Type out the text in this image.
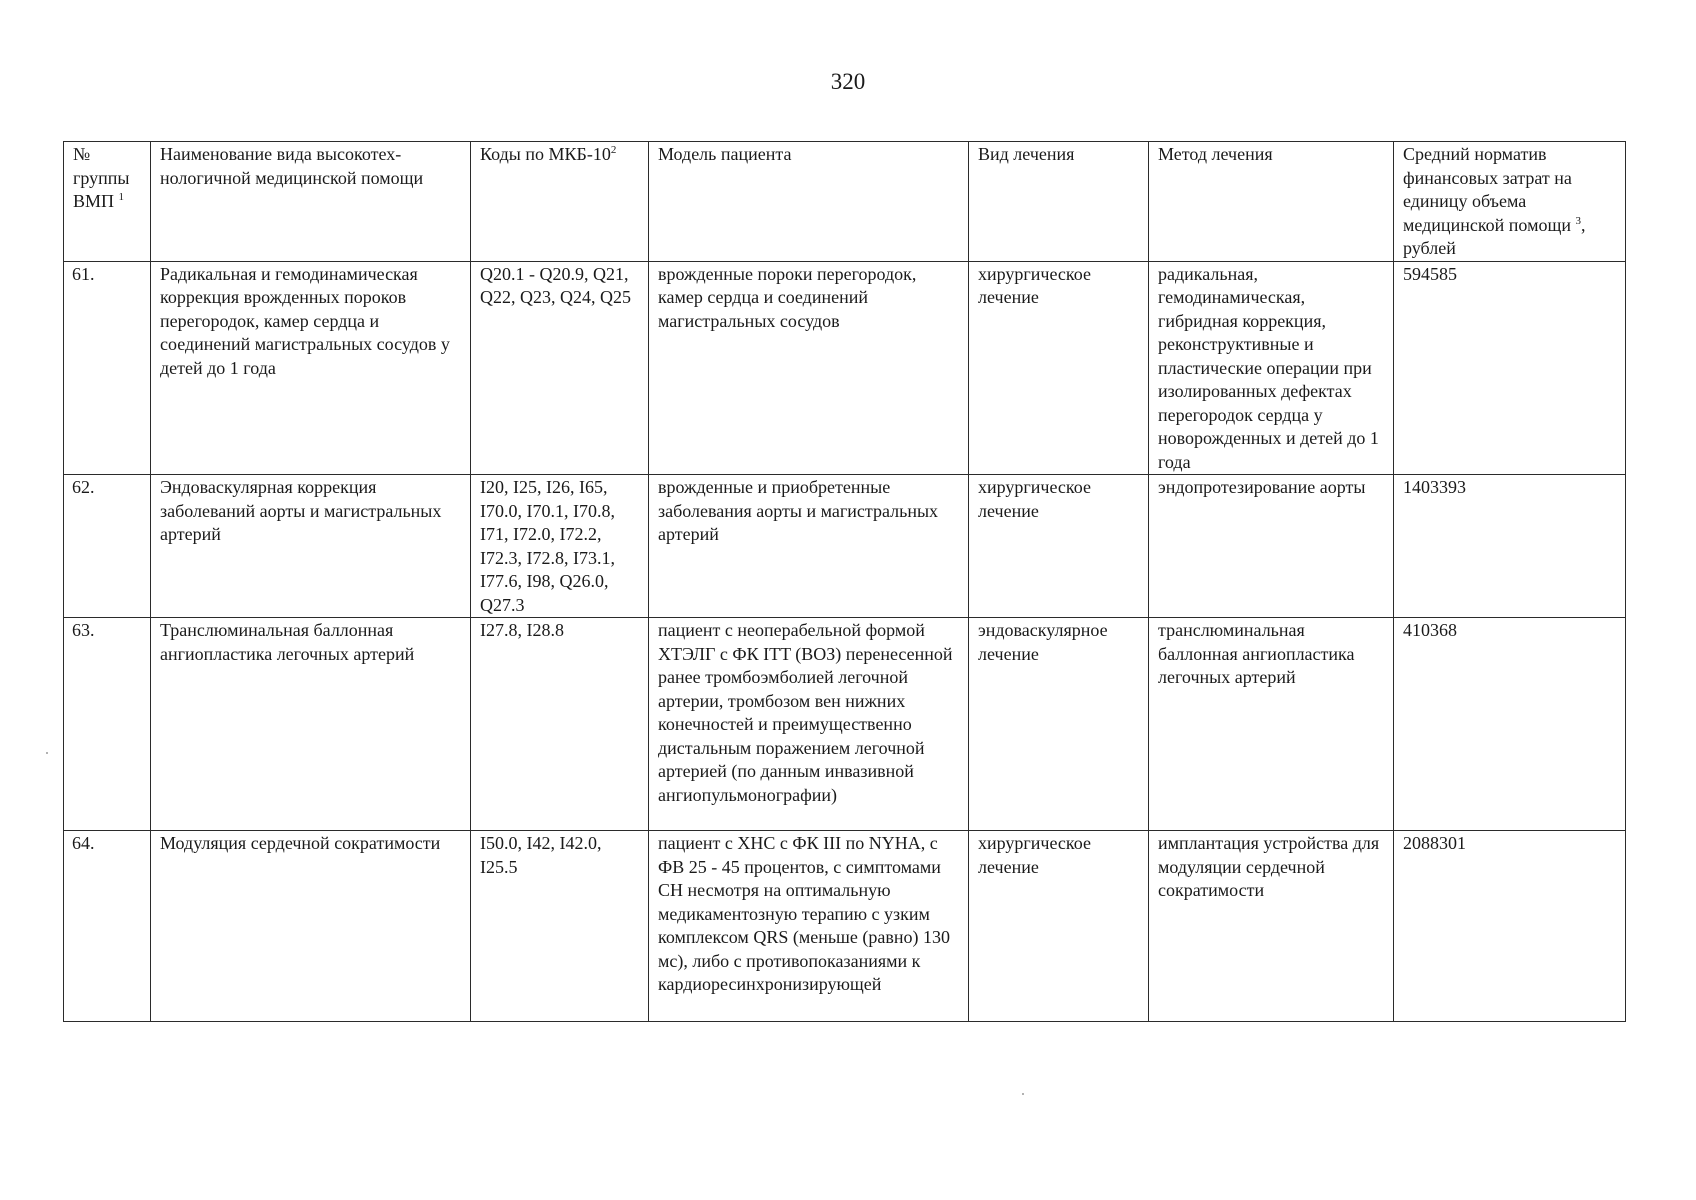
320
№ группы ВМП $^1$	Наименование вида высокотехнологичной медицинской помощи	Коды по МКБ-$10^2$	Модель пациента	Вид лечения	Метод лечения	Средний норматив финансовых затрат на единицу объема медицинской помощи $^3$, рублей
61.	Радикальная и гемодинамическая коррекция врожденных пороков перегородок, камер сердца и соединений магистральных сосудов у детей до 1 года	Q20.1 - Q20.9, Q21, Q22, Q23, Q24, Q25	врожденные пороки перегородок, камер сердца и соединений магистральных сосудов	хирургическое лечение	радикальная, гемодинамическая, гибридная коррекция, реконструктивные и пластические операции при изолированных дефектах перегородок сердца у новорожденных и детей до 1 года	594585
62.	Эндоваскулярная коррекция заболеваний аорты и магистральных артерий	I20, I25, I26, I65, I70.0, I70.1, I70.8, I71, I72.0, I72.2, I72.3, I72.8, I73.1, I77.6, I98, Q26.0, Q27.3	врожденные и приобретенные заболевания аорты и магистральных артерий	хирургическое лечение	эндопротезирование аорты	1403393
63.	Транслюминальная баллонная ангиопластика легочных артерий	I27.8, I28.8	пациент с неоперабельной формой ХТЭЛГ с ФК ITT (ВОЗ) перенесенной ранее тромбоэмболией легочной артерии, тромбозом вен нижних конечностей и преимущественно дистальным поражением легочной артерией (по данным инвазивной ангиопульмонографии)	эндоваскулярное лечение	транслюминальная баллонная ангиопластика легочных артерий	410368
64.	Модуляция сердечной сократимости	I50.0, I42, I42.0, I25.5	пациент с ХНС с ФК III по NYHA, с ФВ 25 - 45 процентов, с симптомами СН несмотря на оптимальную медикаментозную терапию с узким комплексом QRS (меньше (равно) 130 мс), либо с противопоказаниями к кардиоресинхронизирующей	хирургическое лечение	имплантация устройства для модуляции сердечной сократимости	2088301
